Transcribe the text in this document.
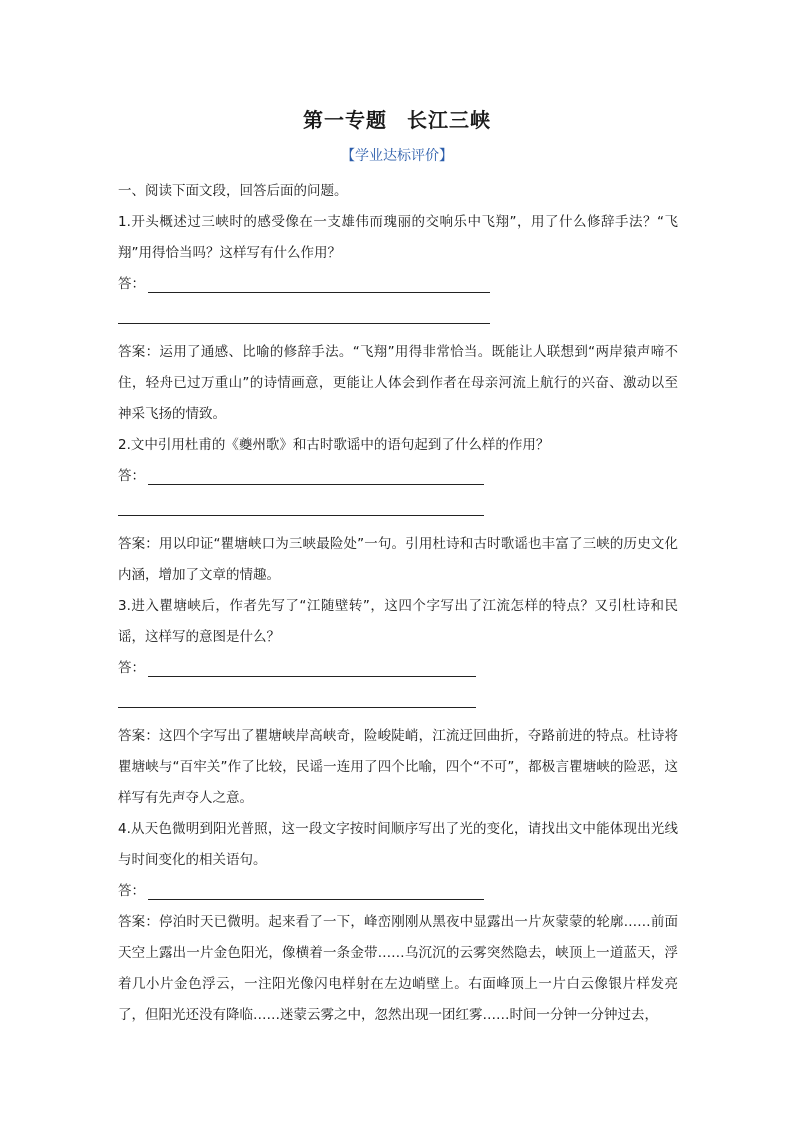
第一专题 长江三峡
【学业达标评价】

一、阅读下面文段，回答后面的问题。

1.开头概述过三峡时的感受像在一支雄伟而瑰丽的交响乐中飞翔”，用了什么修辞手法？“飞翔”用得恰当吗？这样写有什么作用？

答：

答案：运用了通感、比喻的修辞手法。“飞翔”用得非常恰当。既能让人联想到“两岸猿声啼不住，轻舟已过万重山”的诗情画意，更能让人体会到作者在母亲河流上航行的兴奋、激动以至神采飞扬的情致。

2.文中引用杜甫的《夔州歌》和古时歌谣中的语句起到了什么样的作用？

答：

答案：用以印证“瞿塘峡口为三峡最险处”一句。引用杜诗和古时歌谣也丰富了三峡的历史文化内涵，增加了文章的情趣。

3.进入瞿塘峡后，作者先写了“江随壁转”，这四个字写出了江流怎样的特点？又引杜诗和民谣，这样写的意图是什么？

答：

答案：这四个字写出了瞿塘峡岸高峡奇，险峻陡峭，江流迂回曲折，夺路前进的特点。杜诗将瞿塘峡与“百牢关”作了比较，民谣一连用了四个比喻，四个“不可”，都极言瞿塘峡的险恶，这样写有先声夺人之意。

4.从天色微明到阳光普照，这一段文字按时间顺序写出了光的变化，请找出文中能体现出光线与时间变化的相关语句。

答：

答案：停泊时天已微明。起来看了一下，峰峦刚刚从黑夜中显露出一片灰蒙蒙的轮廓……前面天空上露出一片金色阳光，像横着一条金带……乌沉沉的云雾突然隐去，峡顶上一道蓝天，浮着几小片金色浮云，一注阳光像闪电样射在左边峭壁上。右面峰顶上一片白云像银片样发亮了，但阳光还没有降临……迷蒙云雾之中，忽然出现一团红雾……时间一分钟一分钟过去，
